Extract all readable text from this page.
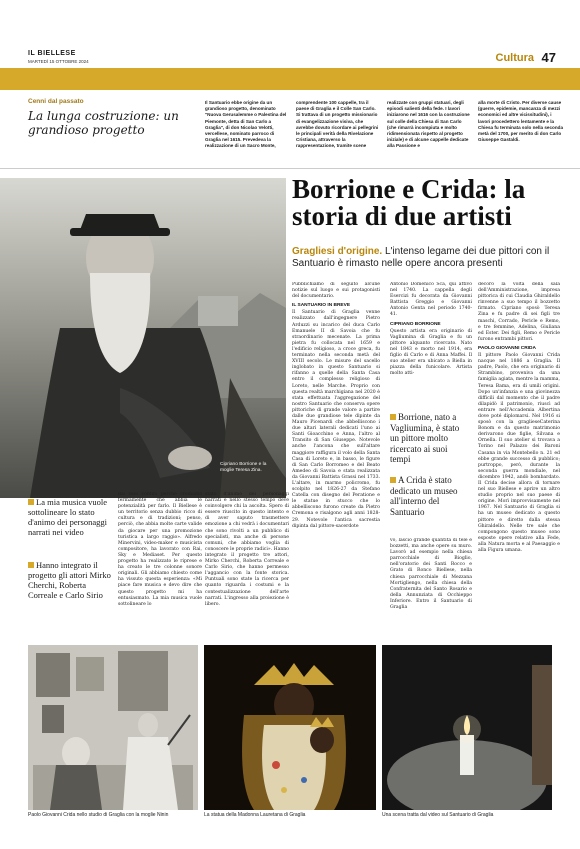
IL BIELLESE
MARTEDÌ 15 OTTOBRE 2024	Cultura 47
Cenni dal passato
La lunga costruzione: un grandioso progetto
Il Santuario ebbe origine da un grandioso progetto, denominato "Nuova Gerusalemme o Palestina del Piemonte, detta di San Carlo a Graglia", di don Nicolao Velotti, vercellese, nominato parroco di Graglia nel 1615. Prevedeva la realizzazione di un Sacro Monte,
comprendente 100 cappelle, tra il paese di Graglia e il Colle San Carlo. Si trattava di un progetto missionario di evangelizzazione visiva, che avrebbe dovuto ricordare ai pellegrini le principali verità della Rivelazione Cristiana, attraverso la rappresentazione, tramite scene
realizzate con gruppi statuari, degli episodi salienti della fede. I lavori iniziarono nel 1616 con la costruzione sul colle della Chiesa di San Carlo (che rimarrà incompiuta e molto ridimensionata rispetto al progetto iniziale) e di alcune cappelle dedicate alla Passione e
alla morte di Cristo. Per diverse cause (guerre, epidemie, mancanza di mezzi economici ed altre vicissitudini), i lavori procedettero lentamente e la Chiesa fu terminata solo nella seconda metà del 1700, per merito di don Carlo Giuseppe Gastaldi.
Cipriano Borrione e la moglie Teresa Zina.
Borrione e Crida: la storia di due artisti
Gragliesi d'origine. L'intenso legame dei due pittori con il Santuario è rimasto nelle opere ancora presenti
La mia musica vuole sottolineare lo stato d'animo dei personaggi narrati nei video
Hanno integrato il progetto gli attori Mirko Cherchi, Roberta Correale e Carlo Sirio
dai suoi confini perché crediamo fermamente che abbia le potenzialità per farlo. Il Biellese è un territorio senza dubbio ricco di cultura e di tradizioni; penso, perciò, che abbia molte carte valide da giocare per una promozione turistica a largo raggio». Alfredo Minervini, video-maker e musicista compositore, ha lavorato con Rai, Sky e Mediaset. Per questo progetto ha realizzato le riprese e ha creato le tre colonne sonore originali. Gli abbiamo chiesto come ha vissuto questa esperienza: «Mi piace fare musica e devo dire che questo progetto mi ha entusiasmato. La mia musica vuole sottolineare lo
stato d'animo dei personaggi narrati e nello stesso tempo deve coinvolgere chi la ascolta. Spero di essere riuscito in questo intento e di aver saputo trasmettere emozione a chi vedrà i documentari che sono rivolti a un pubblico di specialisti, ma anche di persone comuni, che abbiamo voglia di conoscere le proprie radici». Hanno integrato il progetto tre attori, Mirko Cherchi, Roberta Correale e Carlo Sirio, che hanno permesso l'aggancio con la fonte storica. Puntuali sono state la ricerca per quanto riguarda i costumi e la contestualizzazione dell'arte narrati. L'ingresso alla proiezione è libero.
Pubblichiamo di seguito alcune notizie sul luogo e sui protagonisti del documentario.
IL SANTUARIO IN BREVE
Il Santuario di Graglia venne realizzato dall'ingegnere Pietro Arduzzi su incarico del duca Carlo Emanuele II di Savoia che fu straordinario mecenate. La prima pietra fu collocata nel 1659 e l'edificio religioso, a croce greca, fu terminato nella seconda metà del XVIII secolo. Le misure del sacello inglobato in questo Santuario si rifanno a quelle della Santa Casa entro il complesso religioso di Loreto, nelle Marche. Proprio con questa realtà marchigiana nel 2020 è stata effettuata l'aggregazione del nostro Santuario che conserva opere pittoriche di grande valore a partire dalle due grandiose tele dipinte da Mauro Picenardi che abbelliscono i due altari laterali dedicati l'uno ai Santi Gioacchino e Anna, l'altro al Transito di San Giuseppe. Notevole anche l'ancona che sull'altare maggiore raffigura il volo della Santa Casa di Loreto e, in basso, le figure di San Carlo Borromeo e del Beato Amedeo di Savoia e stata realizzata da Giovanni Battista Grassi nel 1733. L'altare, in marmo policromo, fu scolpito nel 1826-27 da Stefano Catella con disegno del Peratione e le statue in stucco che lo abbelliscono furono create da Pietro Cremona e risalgono agli anni 1828-29. Notevole l'antica sacrestia dipinta dal pittore-sacerdote
Antonio Domenico Sca, qui attivo nel 1740. La cappella degli Esercizi fu decorata da Giovanni Battista Greggio e Giovanni Antonio Genta nel periodo 1740-41.
CIPRIANO BORRIONE
Questo artista era originario di Vagliumina di Graglia e fu un pittore alquanto ricercato. Nato nel 1843 e morto nel 1914, era figlio di Carlo e di Anna Maffei. Il suo atelier era ubicato a Biella in piazza della funicolare. Artista molto atti-
Borrione, nato a Vagliumina, è stato un pittore molto ricercato ai suoi tempi
A Crida è stato dedicato un museo all'interno del Santuario
vo, lasciò grande quantità di tele e bozzetti, ma anche opere su muro. Lavorò ad esempio nella chiesa parrocchiale di Bioglio, nell'oratorio dei Santi Rocco e Grato di Ronco Biellese, nella chiesa parrocchiale di Mezzana Mortigliengo, nella chiesa della Confraternita del Santo Rosario e della Annunziata di Occhieppo Inferiore. Entro il Santuario di Graglia
decorò la volta della sala dell'Amministrazione, impresa pittorica di cui Claudia Ghiraldello rinvenne a suo tempo il bozzetto firmato. Cipriano sposò Teresa Zina e fu padre di sei figli tre maschi, Corrado, Pericle e Remo, e tre femmine, Adelina, Giuliana ed Ester. Dei figli, Remo e Pericle furono entrambi pittori.
PAOLO GIOVANNI CRIDA
Il pittore Paolo Giovanni Crida nacque nel 1886 a Graglia. Il padre, Paolo, che era originario di Strambino, proveniva da una famiglia agiata, mentre la mamma, Teresa Bama, era di umili origini. Dopo un'infanzia e una giovinezza difficili dal momento che il padre dilapidò il patrimonio, riuscì ad entrare nell'Accademia Albertina dove poté diplomarsi. Nel 1916 si sposò con la graglieseCaterina Bonom e da questo matrimonio derivarono due figlie, Silvana e Ornella. Il suo atelier si trovava a Torino nel Palazzo dei Baroni Casana in via Montebello n. 21 ed ebbe grande successo di pubblico; purtroppo, però, durante la seconda guerra mondiale, nel dicembre 1942, andò bombardato. Il Crida decise allora di tornare nel suo Biellese e aprire un altro studio proprio nel suo paese di origine. Morì improvvisamente nel 1967. Nel Santuario di Graglia si ha un museo dedicato a questo pittore e diretto dalla stessa Ghiraldello. Nelle tre sale che compongono questo museo sono esposte opere relative alla Fede, alla Natura morta e al Paesaggio e alla Figura umana.
Paolo Giovanni Crida nello studio di Graglia con la moglie Ninin	La statua della Madonna Lauretana di Graglia	Una scena tratta dal video sul Santuario di Graglia
